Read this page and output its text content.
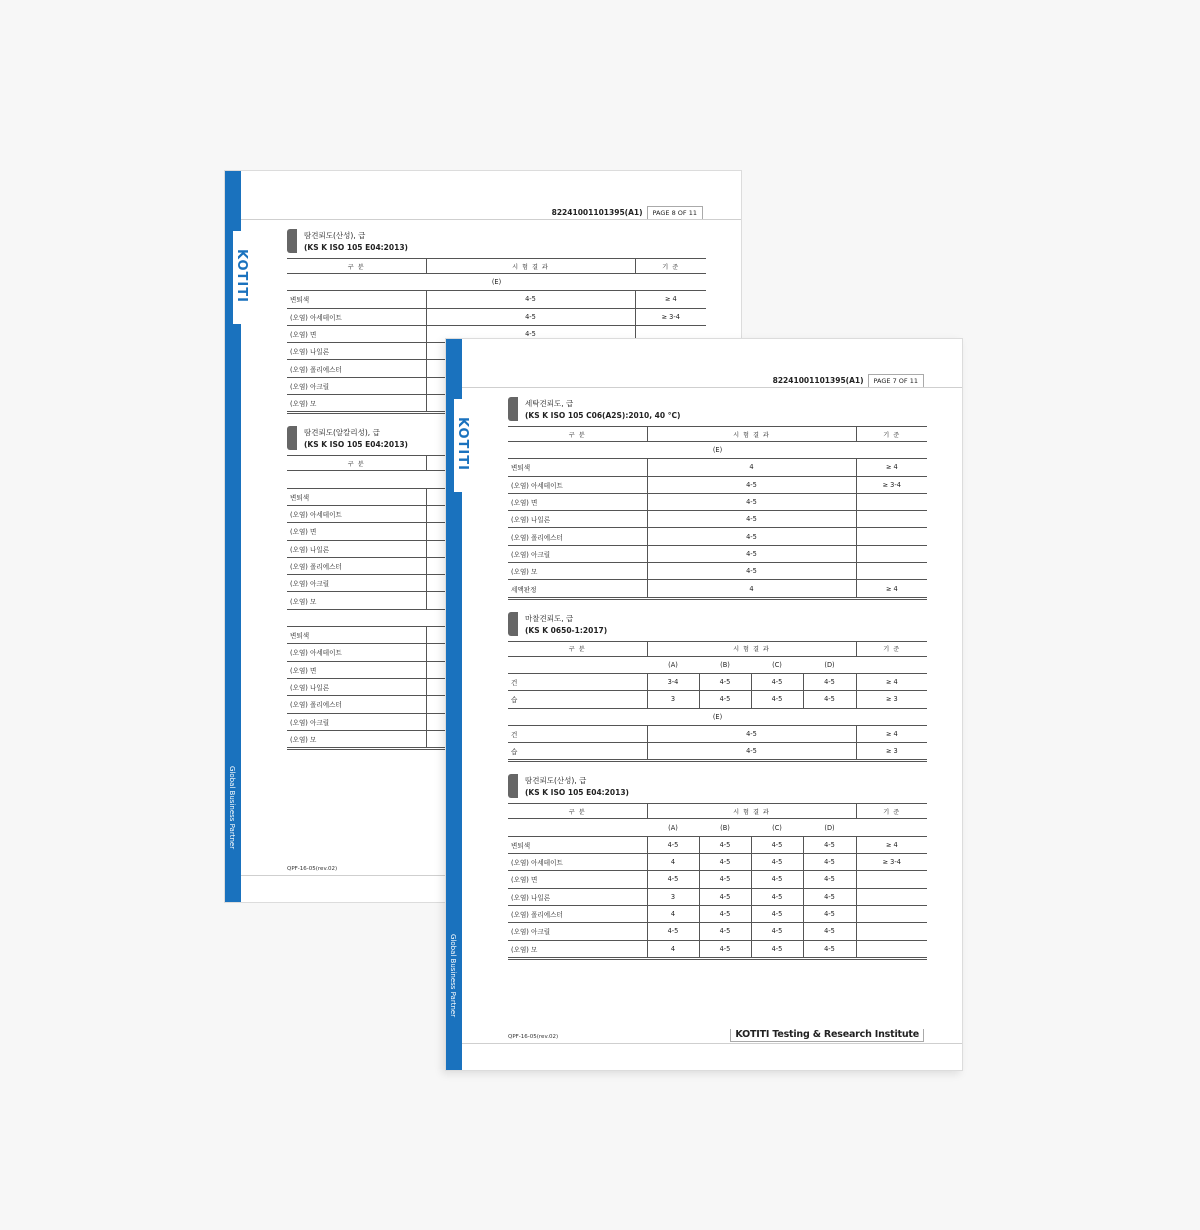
KOTITI
Global Business Partner
82241001101395(A1)	PAGE 8 OF 11
땀견뢰도(산성), 급
(KS K ISO 105 E04:2013)
구 분	시 험 결 과	기 준
(E)		
변퇴색	4-5	≥ 4
(오염) 아세테이트	4-5	≥ 3-4
(오염) 면	4-5	
(오염) 나일론		
(오염) 폴리에스터		
(오염) 아크릴		
(오염) 모		
땀견뢰도(알칼리성), 급
(KS K ISO 105 E04:2013)
구 분		

변퇴색		
(오염) 아세테이트		
(오염) 면		
(오염) 나일론		
(오염) 폴리에스터		
(오염) 아크릴		
(오염) 모		

변퇴색		
(오염) 아세테이트		
(오염) 면		
(오염) 나일론		
(오염) 폴리에스터		
(오염) 아크릴		
(오염) 모		
QPF-16-05(rev.02)
KOTITI
Global Business Partner
82241001101395(A1)	PAGE 7 OF 11
세탁견뢰도, 급
(KS K ISO 105 C06(A2S):2010, 40 °C)
구 분	시 험 결 과	기 준
(E)		
변퇴색	4	≥ 4
(오염) 아세테이트	4-5	≥ 3-4
(오염) 면	4-5	
(오염) 나일론	4-5	
(오염) 폴리에스터	4-5	
(오염) 아크릴	4-5	
(오염) 모	4-5	
세액판정	4	≥ 4
마찰견뢰도, 급
(KS K 0650-1:2017)
구 분	시 험 결 과				기 준
	(A)	(B)	(C)	(D)	
건	3-4	4-5	4-5	4-5	≥ 4
습	3	4-5	4-5	4-5	≥ 3
(E)					
건	4-5				≥ 4
습	4-5				≥ 3
땀견뢰도(산성), 급
(KS K ISO 105 E04:2013)
구 분	시 험 결 과				기 준
	(A)	(B)	(C)	(D)	
변퇴색	4-5	4-5	4-5	4-5	≥ 4
(오염) 아세테이트	4	4-5	4-5	4-5	≥ 3-4
(오염) 면	4-5	4-5	4-5	4-5	
(오염) 나일론	3	4-5	4-5	4-5	
(오염) 폴리에스터	4	4-5	4-5	4-5	
(오염) 아크릴	4-5	4-5	4-5	4-5	
(오염) 모	4	4-5	4-5	4-5	
QPF-16-05(rev.02)	KOTITI Testing & Research Institute
